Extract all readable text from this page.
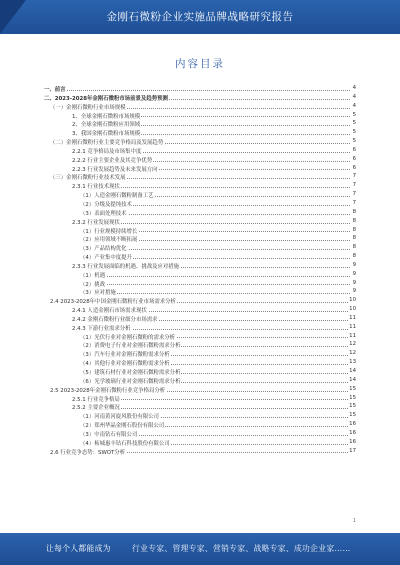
金刚石微粉企业实施品牌战略研究报告
内容目录
一、前言	4
二、2023-2028年金刚石微粉市场前景及趋势预测	4
（一）金刚石微粉行业市场规模	4
1、全球金刚石微粉市场规模	5
2、全球金刚石微粉应用领域	5
3、我国金刚石微粉市场规模	5
（二）金刚石微粉行业主要竞争格局及发展趋势	5
2.2.1 竞争格局及市场集中度	6
2.2.2 行业主要企业及其竞争优势	6
2.2.3 行业发展趋势及未来发展方向	6
（三）金刚石微粉行业技术发展	7
2.3.1 行业技术现状	7
（1）人造金刚石微粉制备工艺	7
（2）分级及提纯技术	7
（3）表面处理技术	8
2.3.2 行业发展现状	8
（1）行业规模持续增长	8
（2）应用领域不断拓展	8
（3）产品结构优化	8
（4）产业集中度提升	8
2.3.3 行业发展面临的机遇、挑战及应对措施	9
（1）机遇	9
（2）挑战	9
（3）应对措施	9
2.4 2023-2028年中国金刚石微粉行业市场需求分析	10
2.4.1 人造金刚石市场需求现状	10
2.4.2 金刚石微粉行业细分市场需求	11
2.4.3 下游行业需求分析	11
（1）光伏行业对金刚石微粉的需求分析	11
（2）消费电子行业对金刚石微粉需求分析	12
（3）汽车行业对金刚石微粉需求分析	12
（4）其他行业对金刚石微粉需求分析	13
（5）建筑石材行业对金刚石微粉需求分析	14
（6）光学玻璃行业对金刚石微粉需求分析	14
2.5 2023-2028年金刚石微粉行业竞争格局分析	15
2.5.1 行业竞争格局	15
2.5.2 主要企业概况	15
（1）河南黄河旋风股份有限公司	15
（2）郑州华晶金刚石股份有限公司	16
（3）中南钻石有限公司	16
（4）柘城惠丰钻石科技股份有限公司	16
2.6 行业竞争态势：SWOT分析	17
1
让每个人都能成为	行业专家、管理专家、营销专家、战略专家、成功企业家……
